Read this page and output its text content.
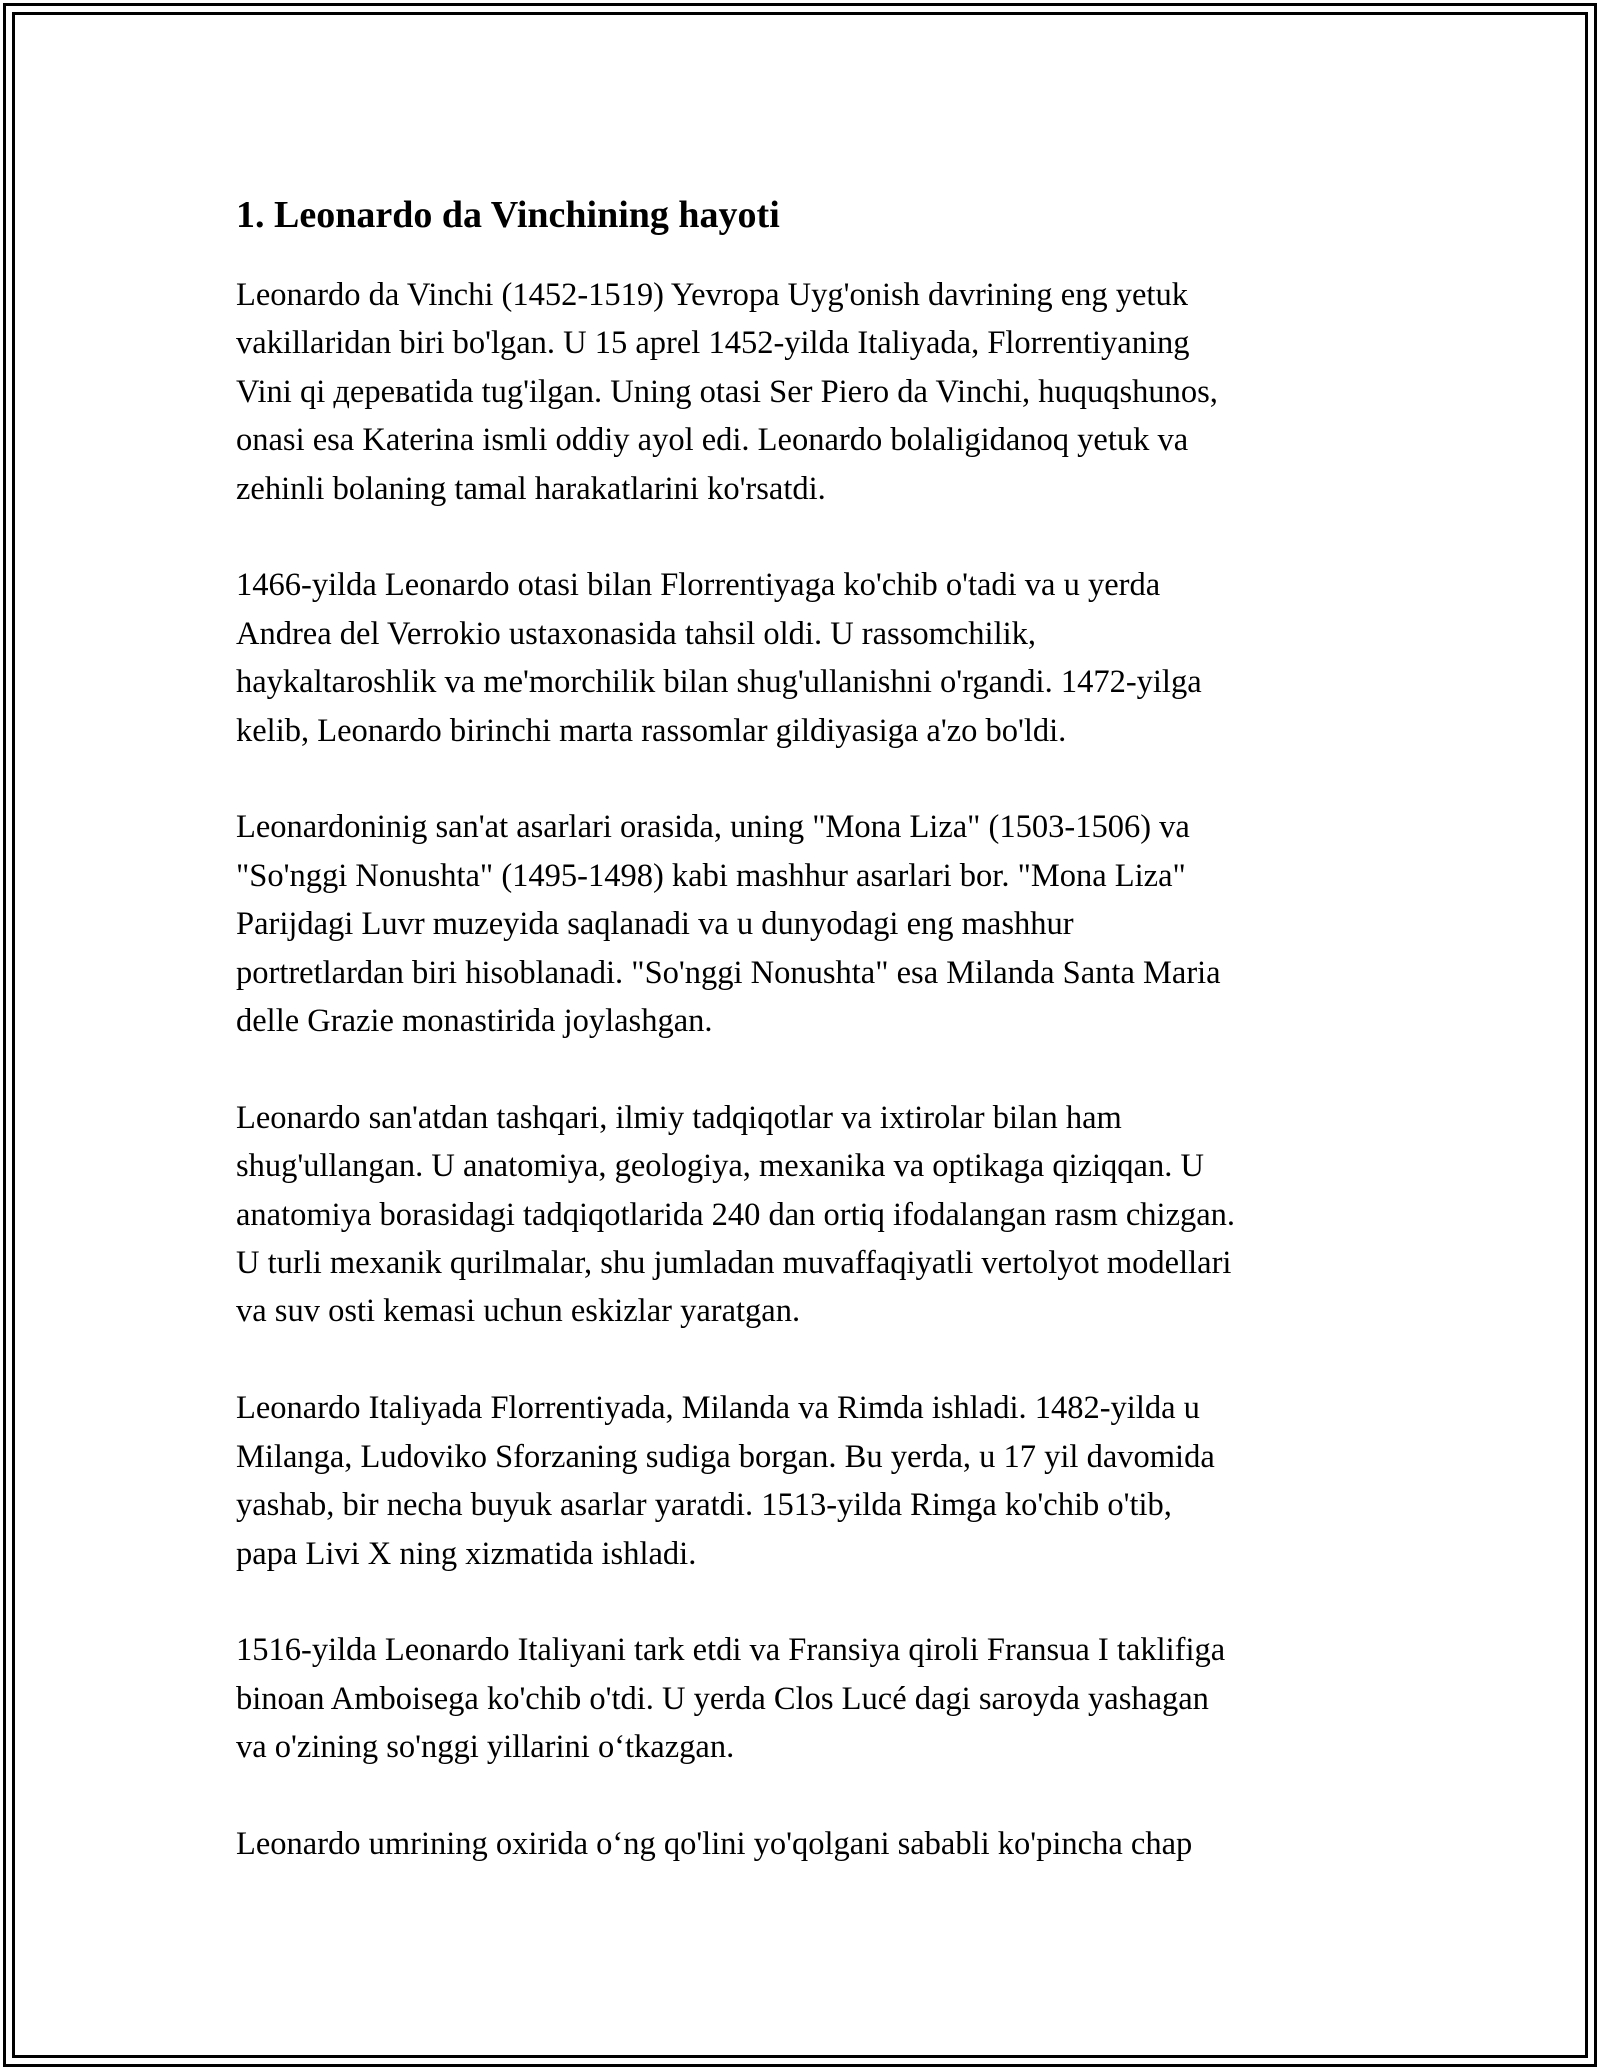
1. Leonardo da Vinchining hayoti

Leonardo da Vinchi (1452-1519) Yevropa Uyg'onish davrining eng yetuk
vakillaridan biri bo'lgan. U 15 aprel 1452-yilda Italiyada, Florrentiyaning
Vini qi деревatida tug'ilgan. Uning otasi Ser Piero da Vinchi, huquqshunos,
onasi esa Katerina ismli oddiy ayol edi. Leonardo bolaligidanoq yetuk va
zehinli bolaning tamal harakatlarini ko'rsatdi.

1466-yilda Leonardo otasi bilan Florrentiyaga ko'chib o'tadi va u yerda
Andrea del Verrokio ustaxonasida tahsil oldi. U rassomchilik,
haykaltaroshlik va me'morchilik bilan shug'ullanishni o'rgandi. 1472-yilga
kelib, Leonardo birinchi marta rassomlar gildiyasiga a'zo bo'ldi.

Leonardoninig san'at asarlari orasida, uning "Mona Liza" (1503-1506) va
"So'nggi Nonushta" (1495-1498) kabi mashhur asarlari bor. "Mona Liza"
Parijdagi Luvr muzeyida saqlanadi va u dunyodagi eng mashhur
portretlardan biri hisoblanadi. "So'nggi Nonushta" esa Milanda Santa Maria
delle Grazie monastirida joylashgan.

Leonardo san'atdan tashqari, ilmiy tadqiqotlar va ixtirolar bilan ham
shug'ullangan. U anatomiya, geologiya, mexanika va optikaga qiziqqan. U
anatomiya borasidagi tadqiqotlarida 240 dan ortiq ifodalangan rasm chizgan.
U turli mexanik qurilmalar, shu jumladan muvaffaqiyatli vertolyot modellari
va suv osti kemasi uchun eskizlar yaratgan.

Leonardo Italiyada Florrentiyada, Milanda va Rimda ishladi. 1482-yilda u
Milanga, Ludoviko Sforzaning sudiga borgan. Bu yerda, u 17 yil davomida
yashab, bir necha buyuk asarlar yaratdi. 1513-yilda Rimga ko'chib o'tib,
papa Livi X ning xizmatida ishladi.

1516-yilda Leonardo Italiyani tark etdi va Fransiya qiroli Fransua I taklifiga
binoan Amboisega ko'chib o'tdi. U yerda Clos Lucé dagi saroyda yashagan
va o'zining so'nggi yillarini o‘tkazgan.

Leonardo umrining oxirida o‘ng qo'lini yo'qolgani sababli ko'pincha chap
